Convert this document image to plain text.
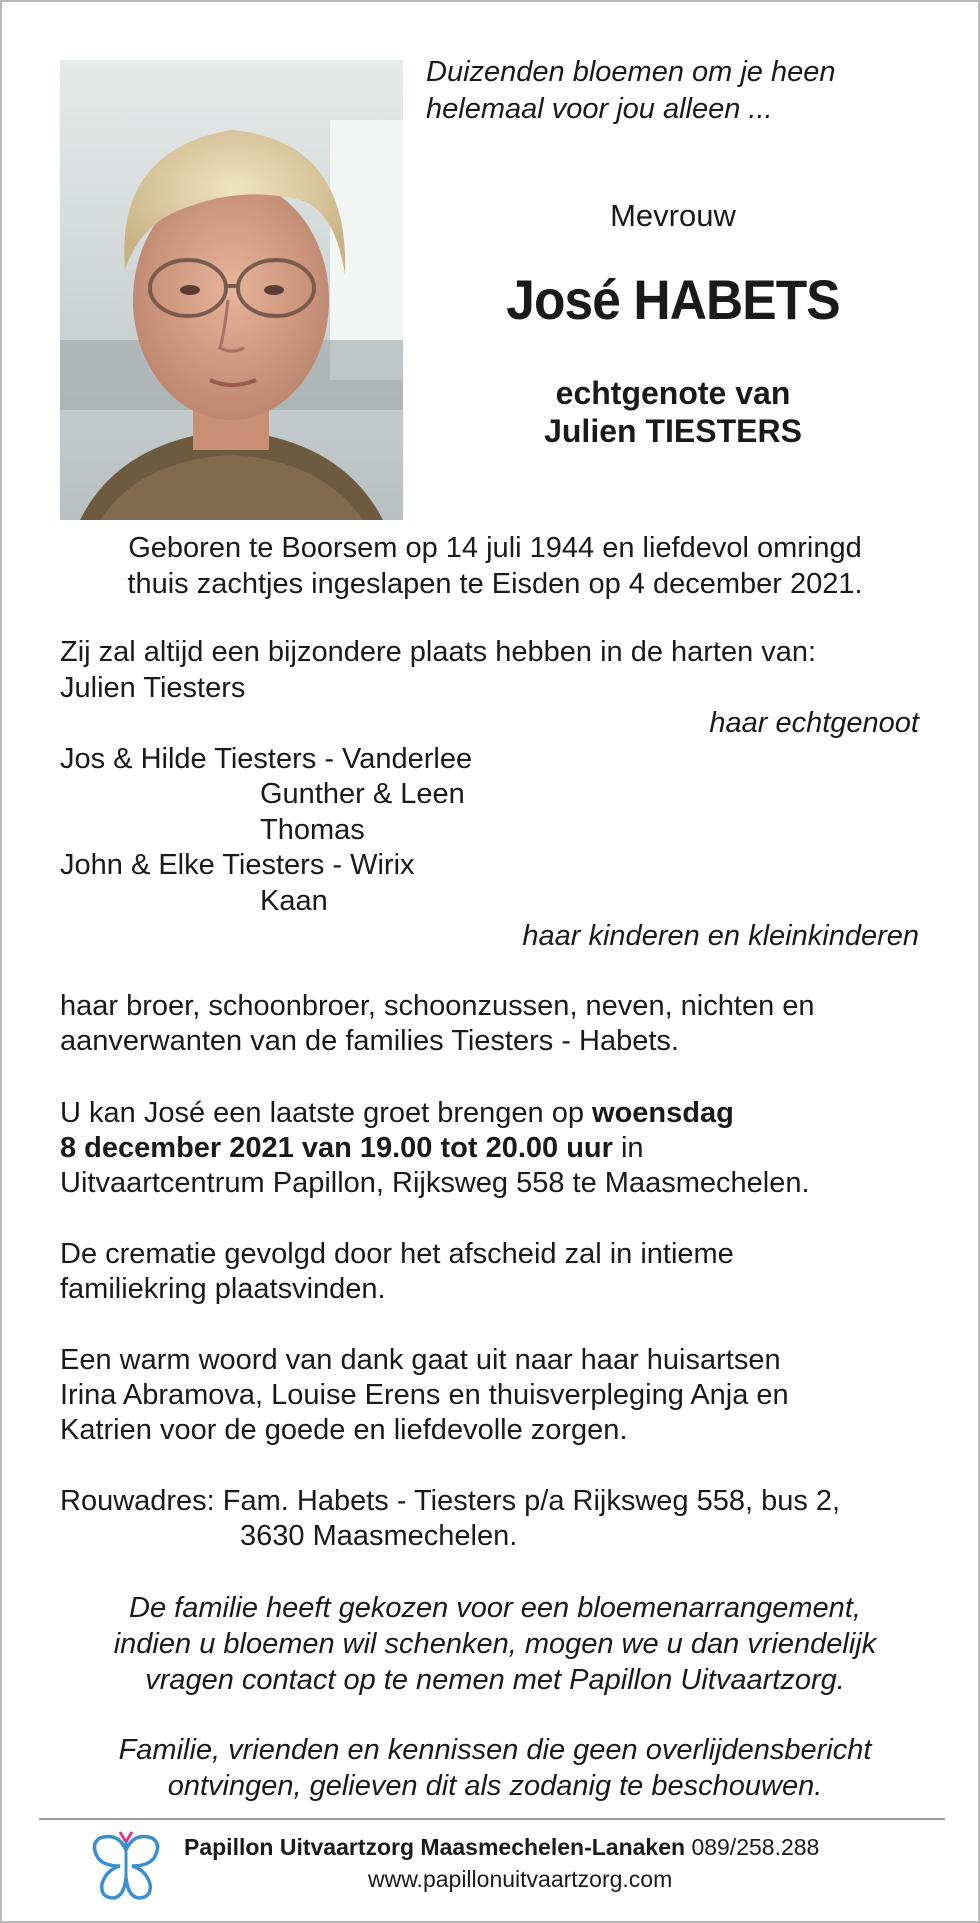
Duizenden bloemen om je heen
helemaal voor jou alleen ...
Mevrouw
José HABETS
echtgenote van
Julien TIESTERS
Geboren te Boorsem op 14 juli 1944 en liefdevol omringd
thuis zachtjes ingeslapen te Eisden op 4 december 2021.
Zij zal altijd een bijzondere plaats hebben in de harten van:
Julien Tiesters
haar echtgenoot
Jos & Hilde Tiesters - Vanderlee
Gunther & Leen
Thomas
John & Elke Tiesters - Wirix
Kaan
haar kinderen en kleinkinderen
haar broer, schoonbroer, schoonzussen, neven, nichten en
aanverwanten van de families Tiesters - Habets.
U kan José een laatste groet brengen op woensdag
8 december 2021 van 19.00 tot 20.00 uur in
Uitvaartcentrum Papillon, Rijksweg 558 te Maasmechelen.
De crematie gevolgd door het afscheid zal in intieme
familiekring plaatsvinden.
Een warm woord van dank gaat uit naar haar huisartsen
Irina Abramova, Louise Erens en thuisverpleging Anja en
Katrien voor de goede en liefdevolle zorgen.
Rouwadres: Fam. Habets - Tiesters p/a Rijksweg 558, bus 2,
3630 Maasmechelen.
De familie heeft gekozen voor een bloemenarrangement,
indien u bloemen wil schenken, mogen we u dan vriendelijk
vragen contact op te nemen met Papillon Uitvaartzorg.
Familie, vrienden en kennissen die geen overlijdensbericht
ontvingen, gelieven dit als zodanig te beschouwen.
Papillon Uitvaartzorg Maasmechelen-Lanaken 089/258.288
www.papillonuitvaartzorg.com
